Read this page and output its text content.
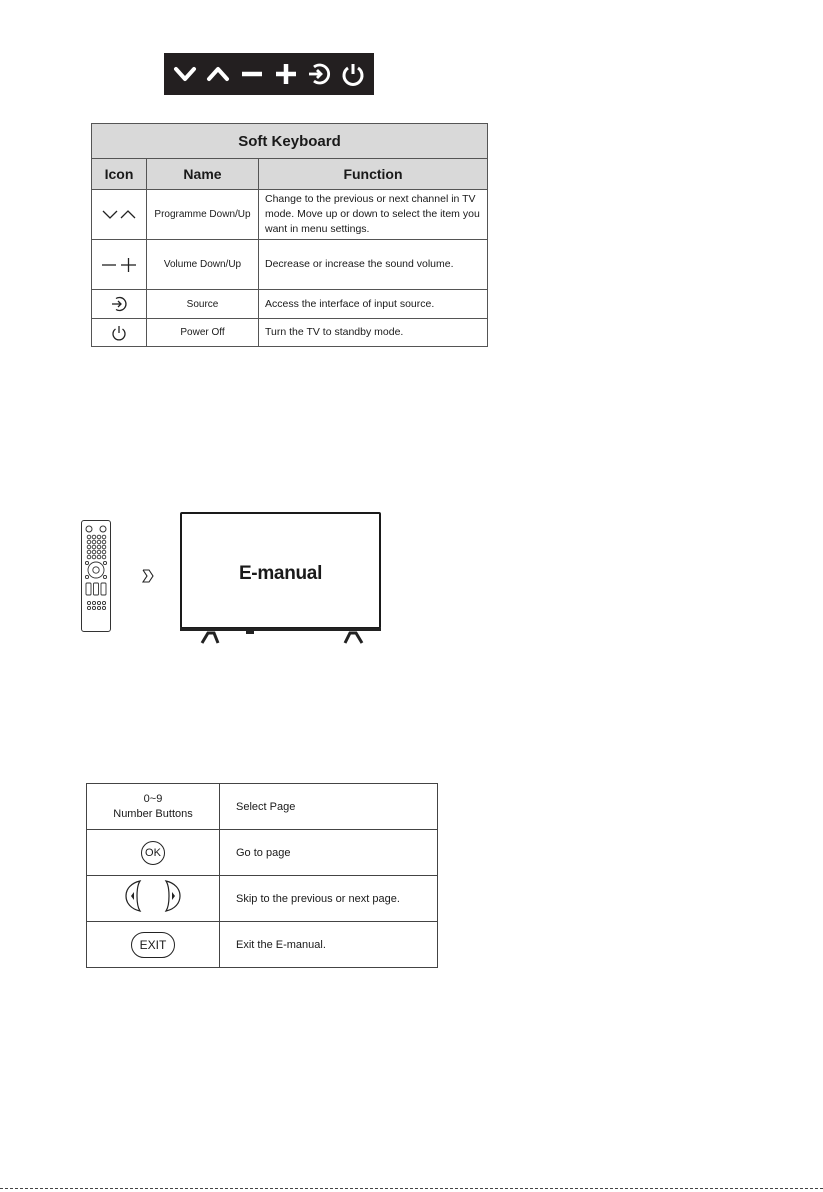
Soft Keyboard		
Icon	Name	Function

	Programme Down/Up	Change to the previous or next channel in TV mode. Move up or down to select the item you want in menu settings.

	Volume Down/Up	Decrease or increase the sound volume.

	Source	Access the interface of input source.

	Power Off	Turn the TV to standby mode.
E-manual
0~9
Number Buttons	Select Page
OK	Go to page

	Skip to the previous or next page.
EXIT	Exit the E-manual.
